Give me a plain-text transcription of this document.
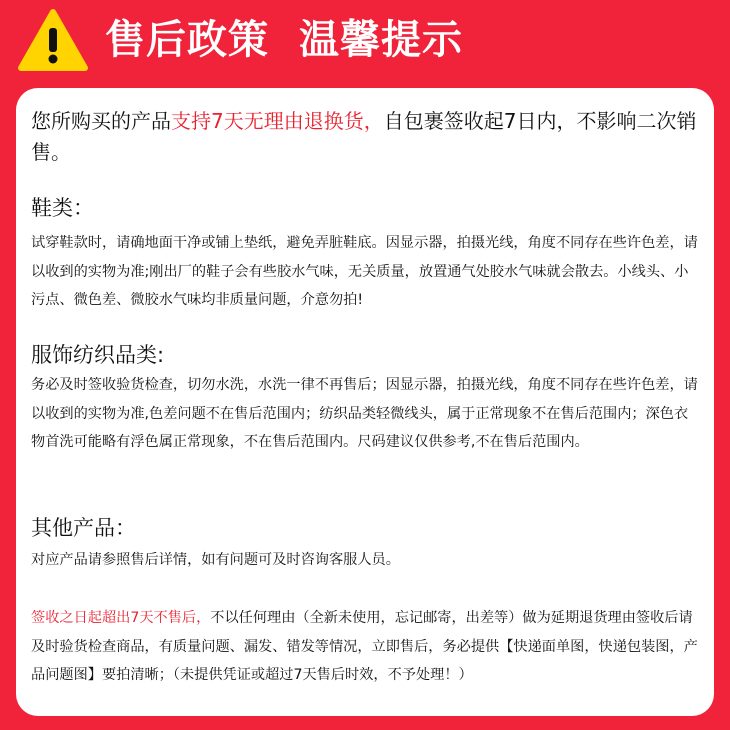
售后政策 温馨提示
您所购买的产品支持7天无理由退换货，自包裹签收起7日内，不影响二次销售。
鞋类：
试穿鞋款时，请确地面干净或铺上垫纸，避免弄脏鞋底。因显示器，拍摄光线，角度不同存在些许色差，请以收到的实物为准;刚出厂的鞋子会有些胶水气味，无关质量，放置通气处胶水气味就会散去。小线头、小污点、微色差、微胶水气味均非质量问题，介意勿拍!
服饰纺织品类:
务必及时签收验货检查，切勿水洗，水洗一律不再售后；因显示器，拍摄光线，角度不同存在些许色差，请以收到的实物为准,色差问题不在售后范围内；纺织品类轻微线头，属于正常现象不在售后范围内；深色衣物首洗可能略有浮色属正常现象，不在售后范围内。尺码建议仅供参考,不在售后范围内。
其他产品：
对应产品请参照售后详情，如有问题可及时咨询客服人员。
签收之日起超出7天不售后，不以任何理由（全新未使用，忘记邮寄，出差等）做为延期退货理由签收后请及时验货检查商品，有质量问题、漏发、错发等情况，立即售后，务必提供【快递面单图，快递包装图，产品问题图】要拍清晰；（未提供凭证或超过7天售后时效，不予处理！）
